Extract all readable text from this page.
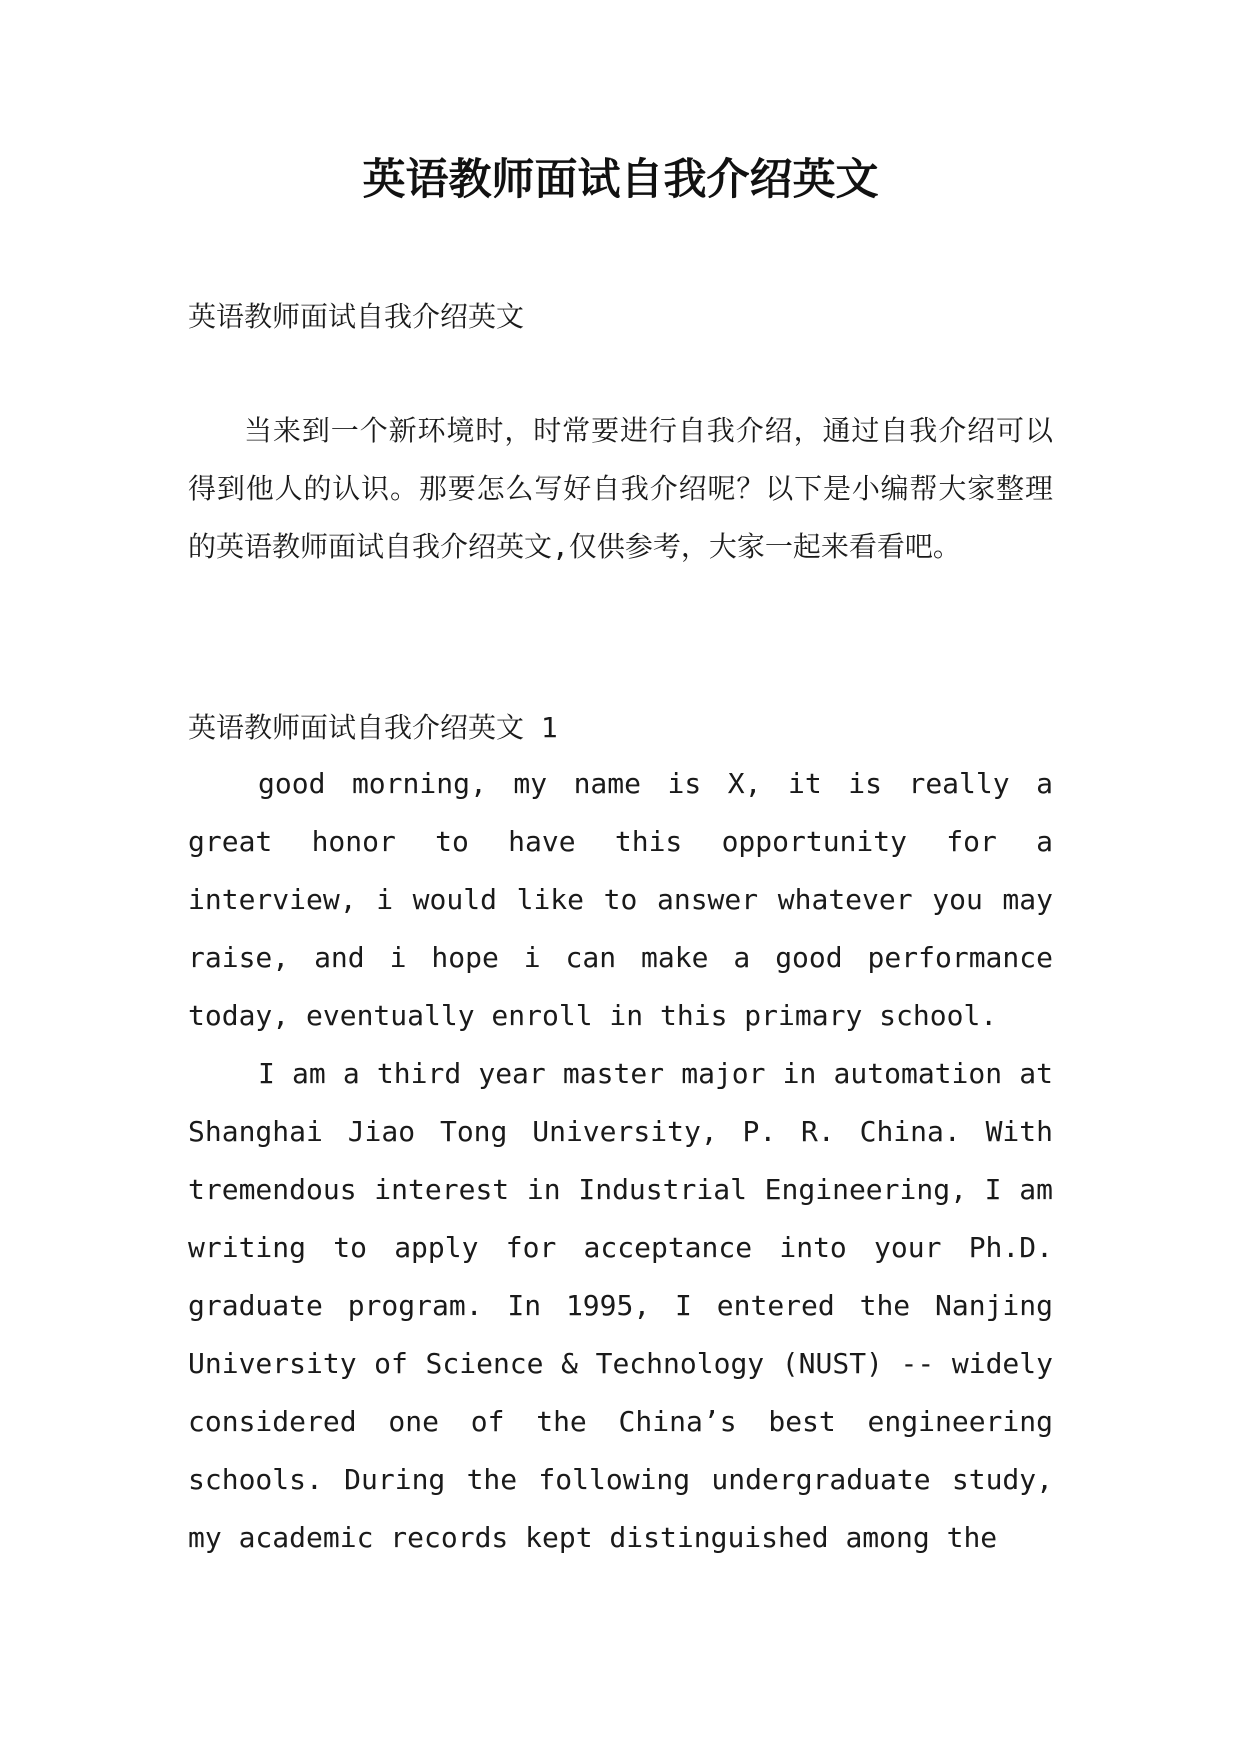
英语教师面试自我介绍英文
英语教师面试自我介绍英文

当来到一个新环境时，时常要进行自我介绍，通过自我介绍可以得到他人的认识。那要怎么写好自我介绍呢？以下是小编帮大家整理的英语教师面试自我介绍英文,仅供参考，大家一起来看看吧。

英语教师面试自我介绍英文 1

good morning, my name is X, it is really a great honor to have this opportunity for a interview, i would like to answer whatever you may raise, and i hope i can make a good performance today, eventually enroll in this primary school.

I am a third year master major in automation at Shanghai Jiao Tong University, P. R. China. With tremendous interest in Industrial Engineering, I am writing to apply for acceptance into your Ph.D. graduate program. In 1995, I entered the Nanjing University of Science & Technology (NUST) -- widely considered one of the China’s best engineering schools. During the following undergraduate study, my academic records kept distinguished among the
